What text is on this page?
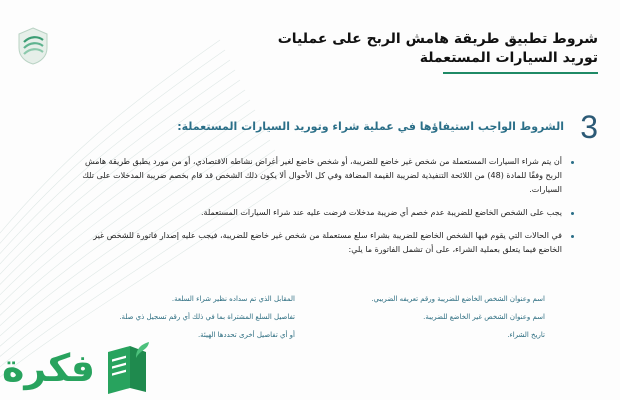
شروط تطبيق طريقة هامش الربح على عمليات
توريد السيارات المستعملة
3
الشروط الواجب استيفاؤها في عملية شراء وتوريد السيارات المستعملة:
أن يتم شراء السيارات المستعملة من شخص غير خاضع للضريبة، أو شخص خاضع لغير أغراض نشاطه الاقتصادي، أو من مورد يطبق طريقة هامش الربح وفقًا للمادة (48) من اللائحة التنفيذية لضريبة القيمة المضافة وفي كل الأحوال ألا يكون ذلك الشخص قد قام بخصم ضريبة المدخلات على تلك السيارات.
يجب على الشخص الخاضع للضريبة عدم خصم أي ضريبة مدخلات فرضت عليه عند شراء السيارات المستعملة.
في الحالات التي يقوم فيها الشخص الخاضع للضريبة بشراء سلع مستعملة من شخص غير خاضع للضريبة، فيجب عليه إصدار فاتورة للشخص غير الخاضع فيما يتعلق بعملية الشراء، على أن تشمل الفاتورة ما يلي:
اسم وعنوان الشخص الخاضع للضريبة ورقم تعريفه الضريبي.
اسم وعنوان الشخص غير الخاضع للضريبة.
تاريخ الشراء.
المقابل الذي تم سداده نظير شراء السلعة.
تفاصيل السلع المشتراة بما في ذلك أي رقم تسجيل ذي صلة.
أو أي تفاصيل أخرى تحددها الهيئة.
فكرة
